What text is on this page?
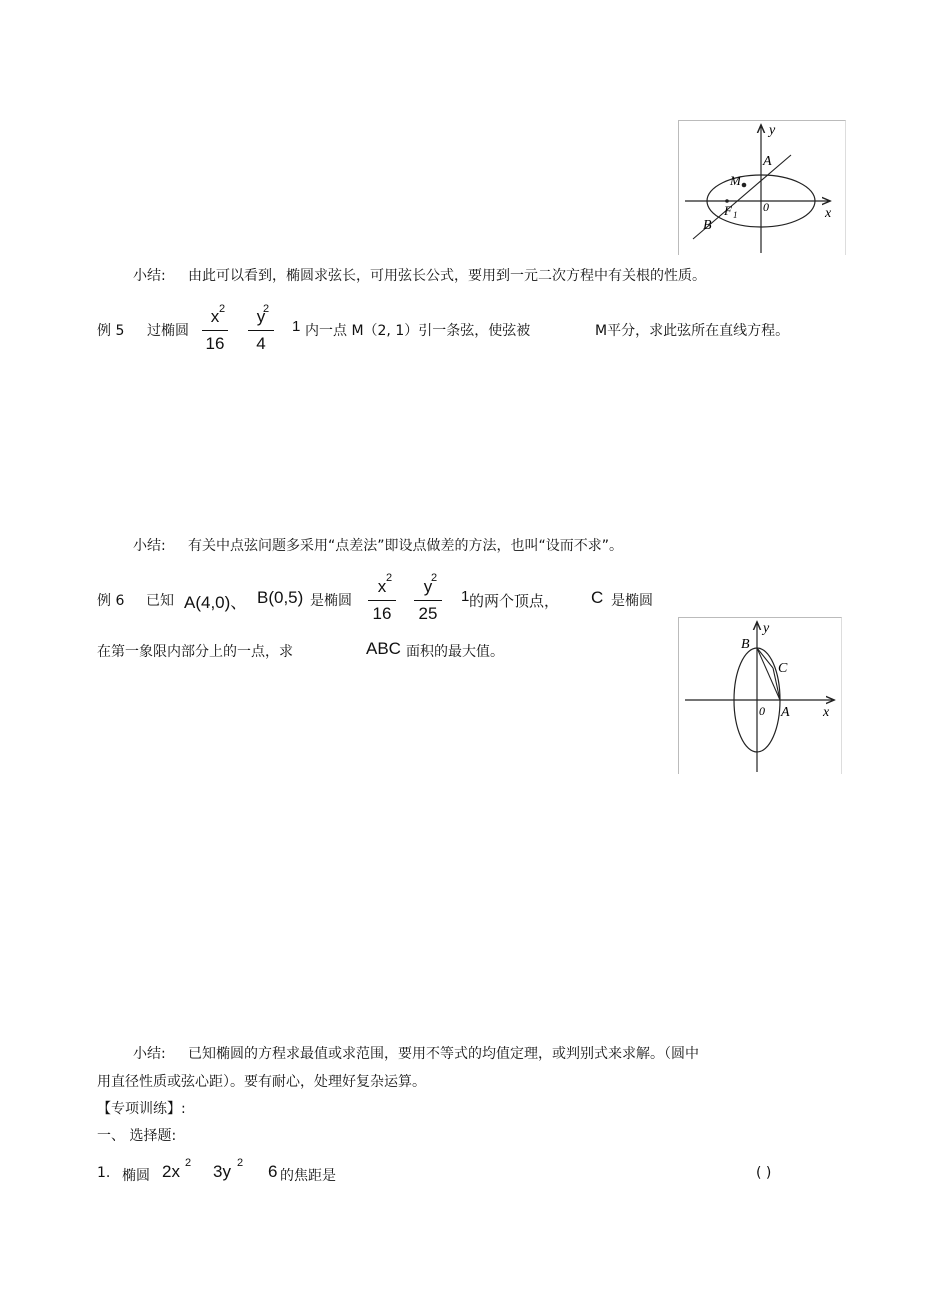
y
A
M
F 1
0	x
B
小结: 由此可以看到，椭圆求弦长，可用弦长公式，要用到一元二次方程中有关根的性质。
例 5 过椭圆
x
16
2	y
4
2
1 内一点 M（2, 1）引一条弦，使弦被	M平分，求此弦所在直线方程。
小结: 有关中点弦问题多采用“点差法”即设点做差的方法，也叫“设而不求”。
例 6 已知 A(4,0)、 B(0,5) 是椭圆
x
16
2	y
25
2
1 的两个顶点， C 是椭圆
在第一象限内部分上的一点，求	ABC 面积的最大值。
y
B
C
0 A x
小结: 已知椭圆的方程求最值或求范围，要用不等式的均值定理，或判别式来求解。（圆中
用直径性质或弦心距）。要有耐心，处理好复杂运算。
【专项训练】:
一、 选择题:
1. 椭圆 2x 2 3y 2 6 的焦距是	( )
